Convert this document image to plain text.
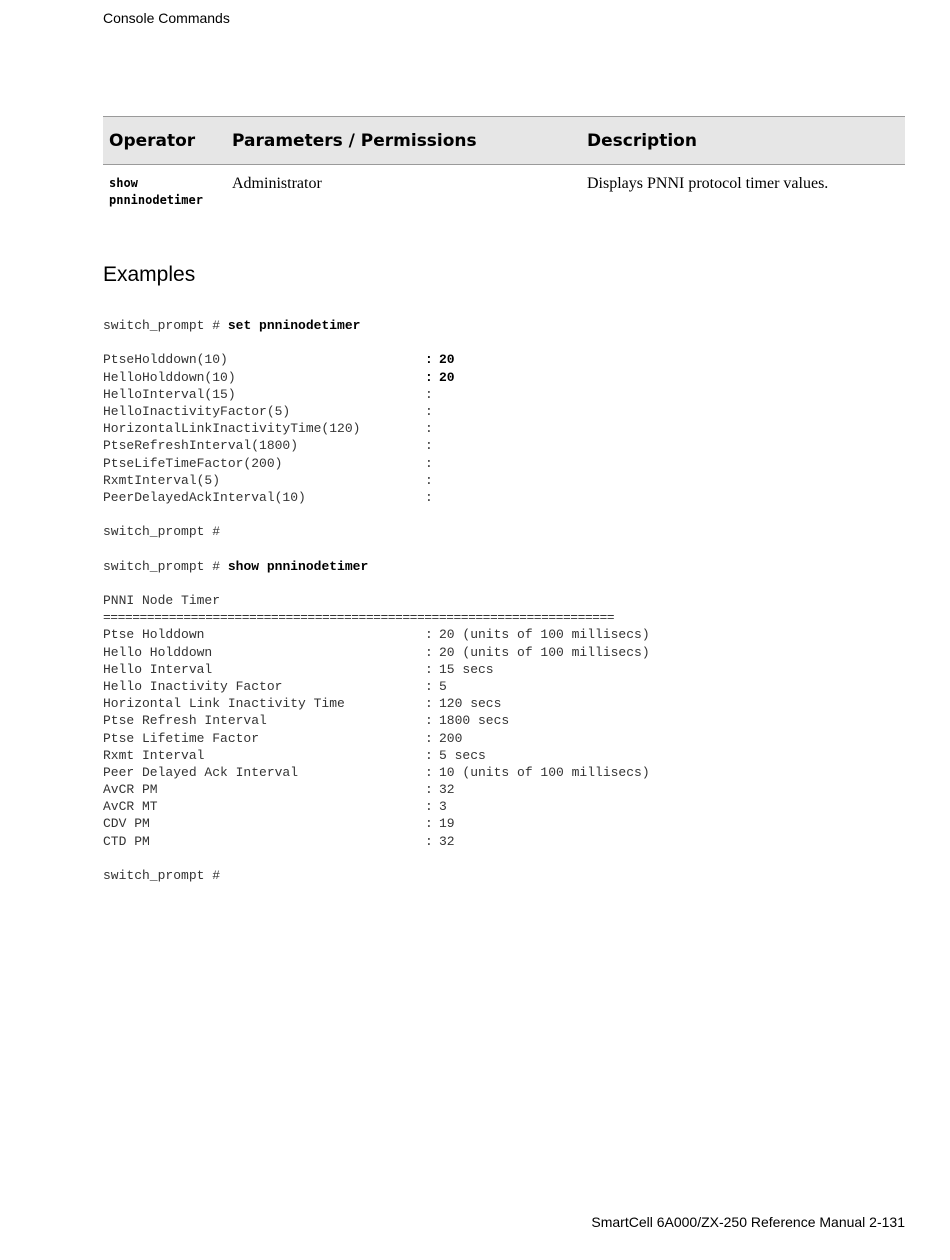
Console Commands
Operator	Parameters / Permissions	Description

show
pnninodetimer	Administrator	Displays PNNI protocol timer values.
Examples
switch_prompt # set pnninodetimer
PtseHolddown(10)	: 20
HelloHolddown(10)	: 20
HelloInterval(15)	:
HelloInactivityFactor(5)	:
HorizontalLinkInactivityTime(120)	:
PtseRefreshInterval(1800)	:
PtseLifeTimeFactor(200)	:
RxmtInterval(5)	:
PeerDelayedAckInterval(10)	:
switch_prompt #
switch_prompt # show pnninodetimer
PNNI Node Timer
======================================================================
Ptse Holddown	: 20 (units of 100 millisecs)
Hello Holddown	: 20 (units of 100 millisecs)
Hello Interval	: 15 secs
Hello Inactivity Factor	: 5
Horizontal Link Inactivity Time	: 120 secs
Ptse Refresh Interval	: 1800 secs
Ptse Lifetime Factor	: 200
Rxmt Interval	: 5 secs
Peer Delayed Ack Interval	: 10 (units of 100 millisecs)
AvCR PM	: 32
AvCR MT	: 3
CDV PM	: 19
CTD PM	: 32
switch_prompt #
SmartCell 6A000/ZX-250 Reference Manual 2-131
